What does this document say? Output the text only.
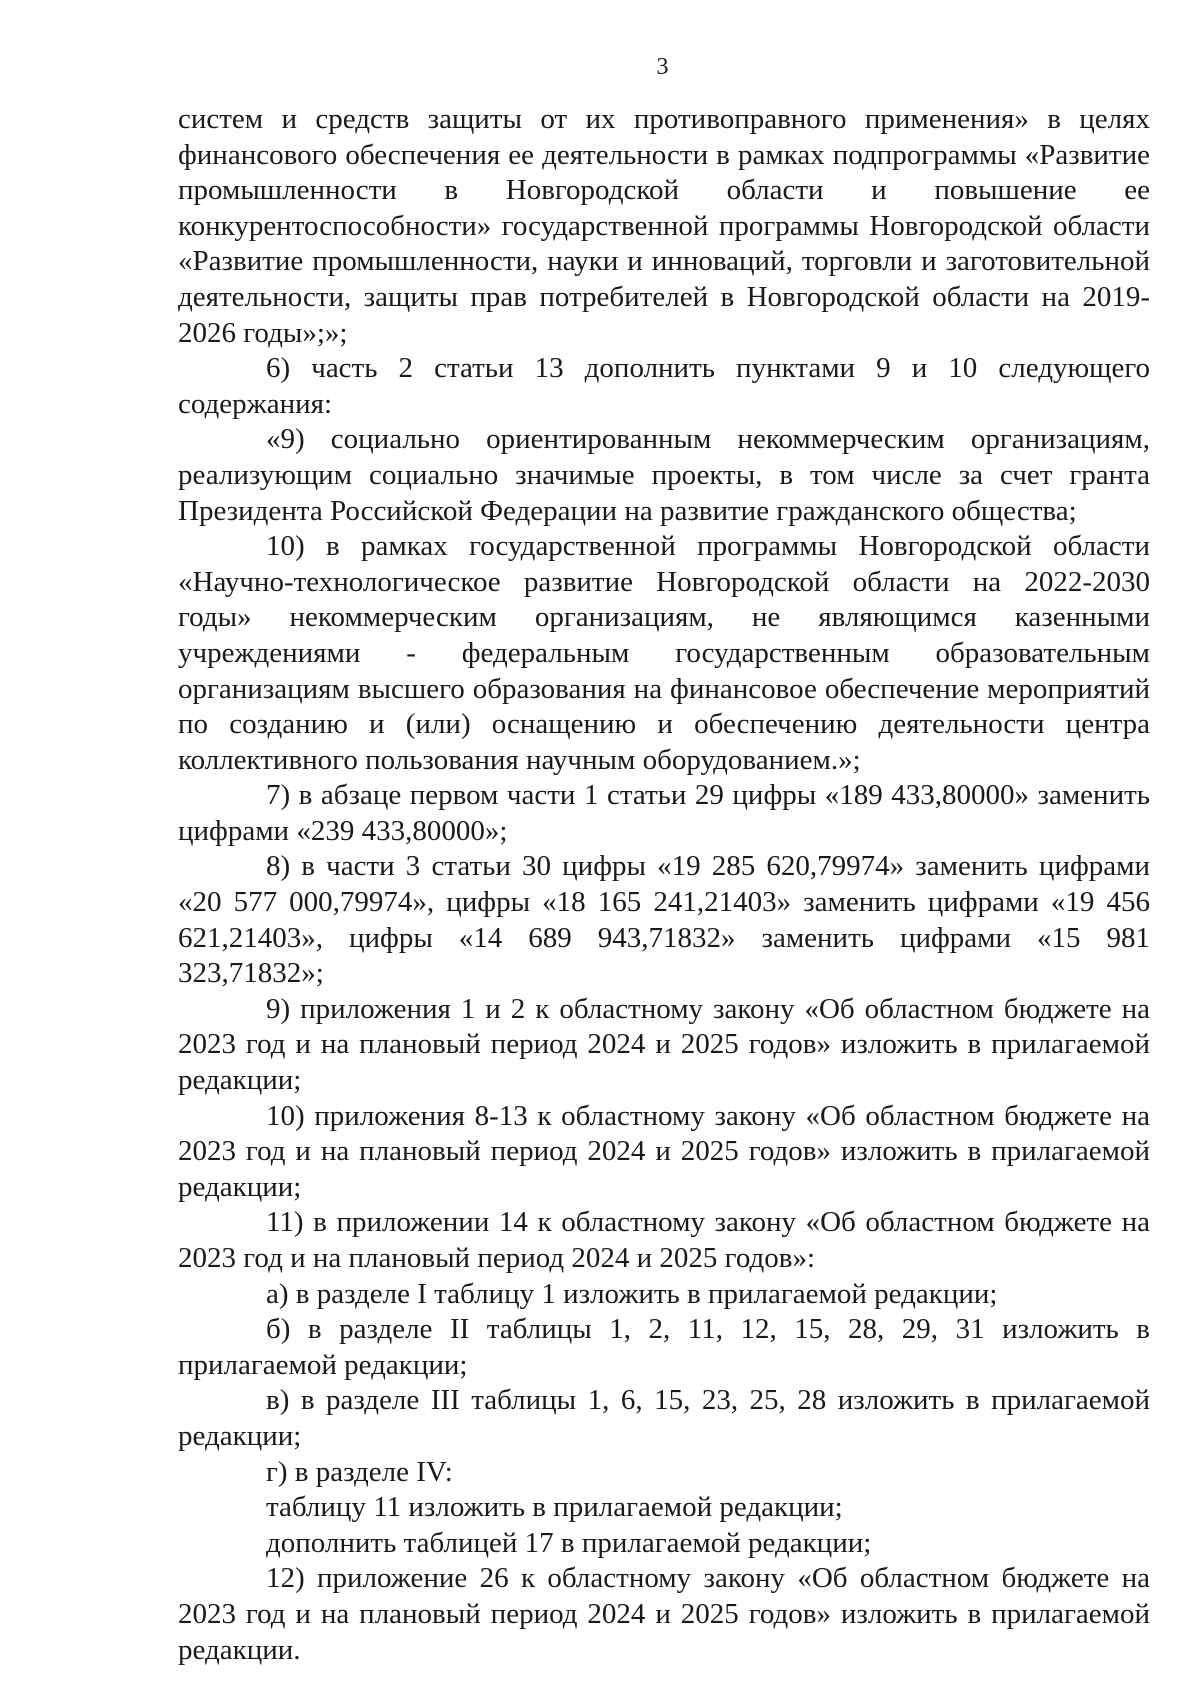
3

систем и средств защиты от их противоправного применения» в целях финансового обеспечения ее деятельности в рамках подпрограммы «Развитие промышленности в Новгородской области и повышение ее конкурентоспособности» государственной программы Новгородской области «Развитие промышленности, науки и инноваций, торговли и заготовительной деятельности, защиты прав потребителей в Новгородской области на 2019-2026 годы»;»;

6) часть 2 статьи 13 дополнить пунктами 9 и 10 следующего содержания:

«9) социально ориентированным некоммерческим организациям, реализующим социально значимые проекты, в том числе за счет гранта Президента Российской Федерации на развитие гражданского общества;

10) в рамках государственной программы Новгородской области «Научно-технологическое развитие Новгородской области на 2022-2030 годы» некоммерческим организациям, не являющимся казенными учреждениями - федеральным государственным образовательным организациям высшего образования на финансовое обеспечение мероприятий по созданию и (или) оснащению и обеспечению деятельности центра коллективного пользования научным оборудованием.»;

7) в абзаце первом части 1 статьи 29 цифры «189 433,80000» заменить цифрами «239 433,80000»;

8) в части 3 статьи 30 цифры «19 285 620,79974» заменить цифрами «20 577 000,79974», цифры «18 165 241,21403» заменить цифрами «19 456 621,21403», цифры «14 689 943,71832» заменить цифрами «15 981 323,71832»;

9) приложения 1 и 2 к областному закону «Об областном бюджете на 2023 год и на плановый период 2024 и 2025 годов» изложить в прилагаемой редакции;

10) приложения 8-13 к областному закону «Об областном бюджете на 2023 год и на плановый период 2024 и 2025 годов» изложить в прилагаемой редакции;

11) в приложении 14 к областному закону «Об областном бюджете на 2023 год и на плановый период 2024 и 2025 годов»:

а) в разделе I таблицу 1 изложить в прилагаемой редакции;

б) в разделе II таблицы 1, 2, 11, 12, 15, 28, 29, 31 изложить в прилагаемой редакции;

в) в разделе III таблицы 1, 6, 15, 23, 25, 28 изложить в прилагаемой редакции;

г) в разделе IV:

таблицу 11 изложить в прилагаемой редакции;

дополнить таблицей 17 в прилагаемой редакции;

12) приложение 26 к областному закону «Об областном бюджете на 2023 год и на плановый период 2024 и 2025 годов» изложить в прилагаемой редакции.
